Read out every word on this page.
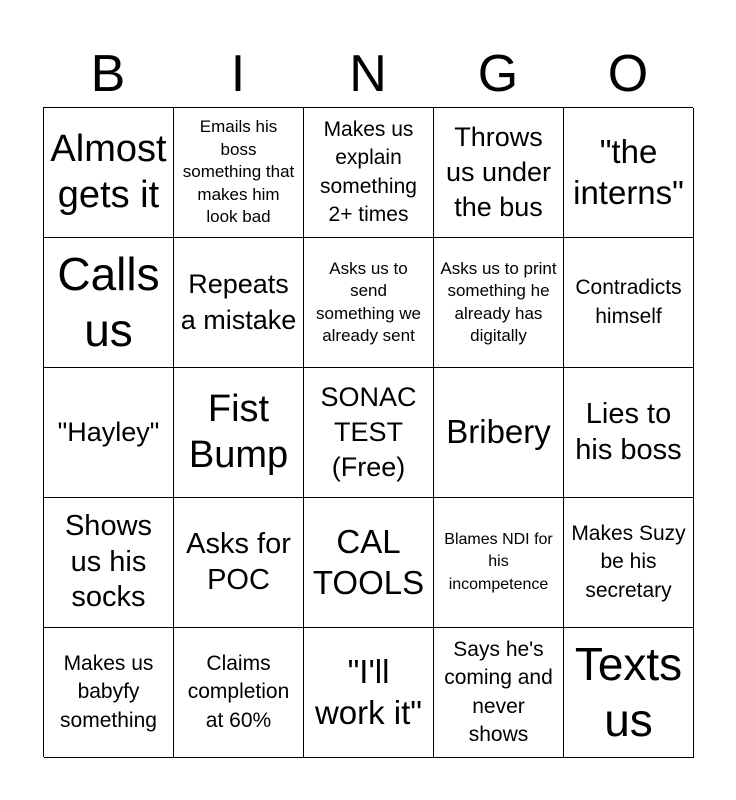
B	I	N	G	O
Almost gets it
Emails his boss something that makes him look bad
Makes us explain something 2+ times
Throws us under the bus
"the interns"
Calls us
Repeats a mistake
Asks us to send something we already sent
Asks us to print something he already has digitally
Contradicts himself
"Hayley"
Fist Bump
SONAC TEST (Free)
Bribery	Lies to his boss
Shows us his socks
Asks for POC
CAL TOOLS
Blames NDI for his incompetence
Makes Suzy be his secretary
Makes us babyfy something
Claims completion at 60%
"I'll work it"
Says he's coming and never shows
Texts us
